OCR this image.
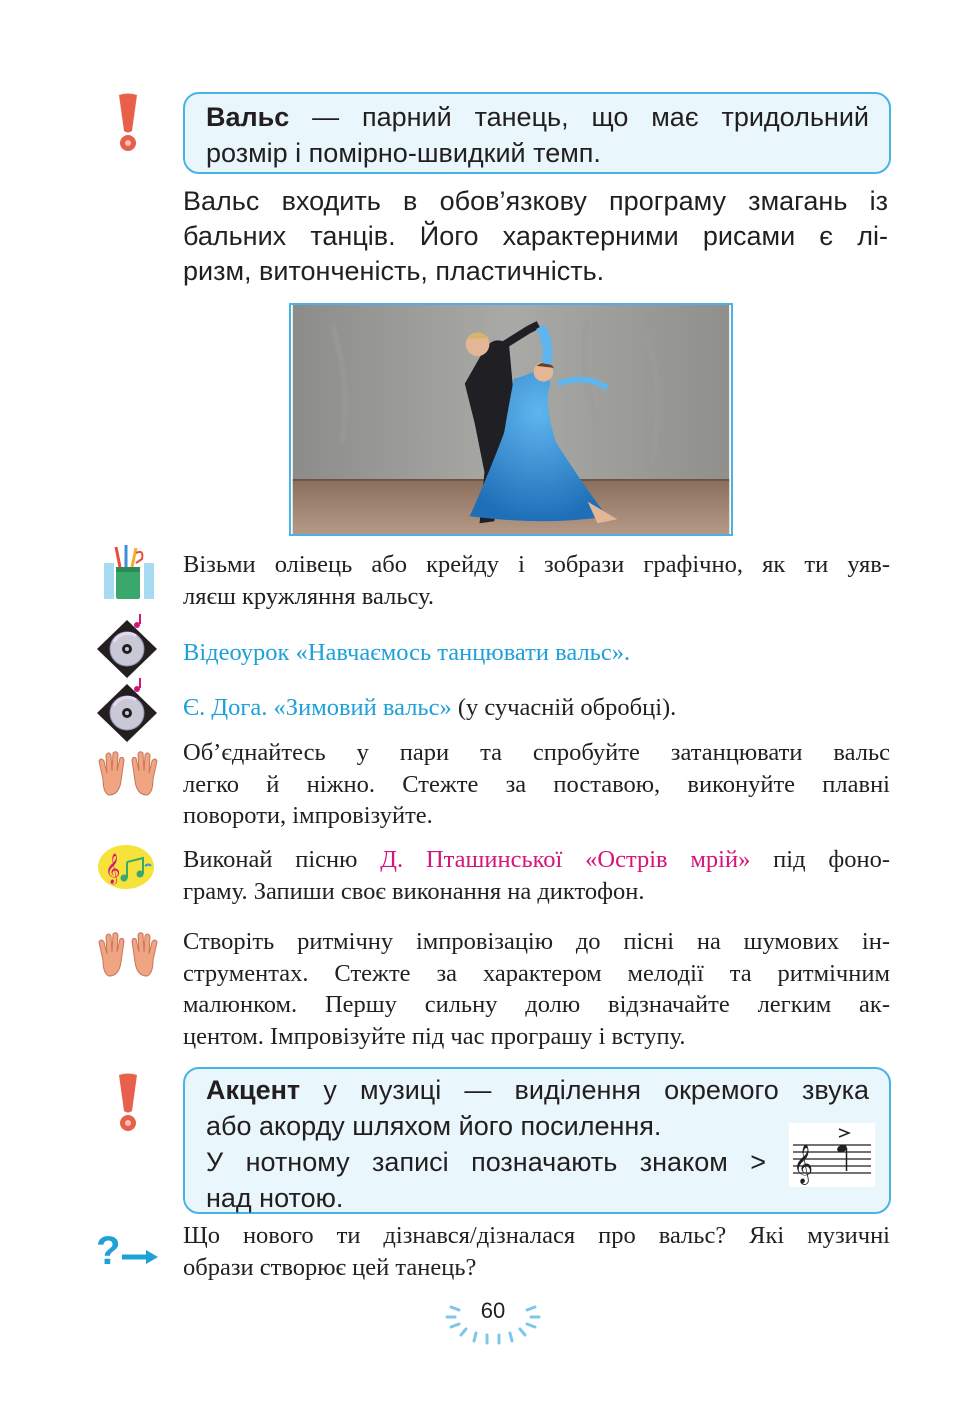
Вальс — парний танець, що має тридольний
розмір і помірно-швидкий темп.
Вальс входить в обов’язкову програму змагань із
бальних танців. Його характерними рисами є лі-
ризм, витонченість, пластичність.
Візьми олівець або крейду і зобрази графічно, як ти уяв-
ляєш кружляння вальсу.
Відеоурок «Навчаємось танцювати вальс».
Є. Дога. «Зимовий вальс» (у сучасній обробці).
Об’єднайтесь у пари та спробуйте затанцювати вальс
легко й ніжно. Стежте за поставою, виконуйте плавні
повороти, імпровізуйте.
𝄞	Виконай пісню Д. Пташинської «Острів мрій» під фоно-
граму. Запиши своє виконання на диктофон.
Створіть ритмічну імпровізацію до пісні на шумових ін-
струментах. Стежте за характером мелодії та ритмічним
малюнком. Першу сильну долю відзначайте легким ак-
центом. Імпровізуйте під час програшу і вступу.
Акцент у музиці — виділення окремого звука
або акорду шляхом його посилення.
У нотному записі позначають знаком >
над нотою.
𝄞
?	Що нового ти дізнався/дізналася про вальс? Які музичні
образи створює цей танець?
60
